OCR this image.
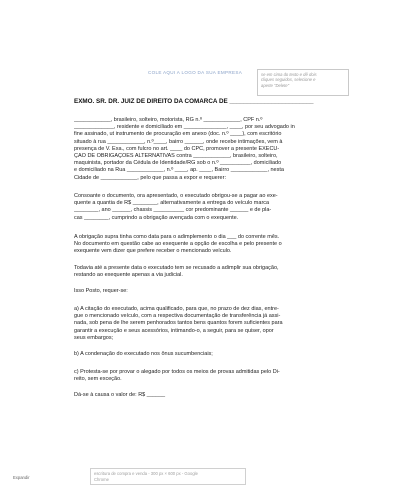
COLE AQUI A LOGO DA SUA EMPRESA	se em cima do texto e dê dois
cliques seguidos, selecione e
aperte "Delete"
EXMO. SR. DR. JUIZ DE DIREITO DA COMARCA DE ________________________
____________, brasileiro, solteiro, motorista, RG n.º ____________, CPF n.º
_____________, residente e domiciliado em ______________, ____, por seu advogado in
fine assinado, ut instrumento de procuração em anexo (doc. n.º ____), com escritório
situado à rua ____________, n.º____, bairro ______, onde recebe intimações, vem à
presença de V. Exa., com fulcro no art. ____ do CPC, promover a presente EXECU-
ÇÃO DE OBRIGAÇÕES ALTERNATIVAS contra ____________, brasileiro, solteiro,
maquinista, portador da Cédula de Identidade/RG sob o n.º __________, domiciliado
e domiciliado na Rua ____________, n.º ____, ap. ____, Bairro ____________, nesta
Cidade de ____________, pelo que passa a expor e requerer:
Consoante o documento, ora apresentado, o executado obrigou-se a pagar ao exe-
quente a quantia de R$ ________, alternativamente a entrega do veículo marca
________, ano ______, chassis __________ cor predominante ______ e de pla-
cas ________, cumprindo a obrigação avençada com o exequente.
A obrigação supra tinha como data para o adimplemento o dia ___ do corrente mês.
No documento em questão cabe ao exequente a opção de escolha e pelo presente o
exequente vem dizer que prefere receber o mencionado veículo.
Todavia até a presente data o executado tem se recusado a adimplir sua obrigação,
restando ao exequente apenas a via judicial.
Isso Posto, requer-se:
a) A citação do executado, acima qualificado, para que, no prazo de dez dias, entre-
gue o mencionado veículo, com a respectiva documentação de transferência já assi-
nada, sob pena de lhe serem penhorados tantos bens quantos forem suficientes para
garantir a execução e seus acessórios, intimando-o, a seguir, para se quiser, opor
seus embargos;
b) A condenação do executado nos ônus sucumbenciais;
c) Protesta-se por provar o alegado por todos os meios de provas admitidas pelo Di-
reito, sem exceção.
Dá-se à causa o valor de: R$ ______
Expandir
escritura de compra e venda - 300 px × 600 px - Google
Chrome
